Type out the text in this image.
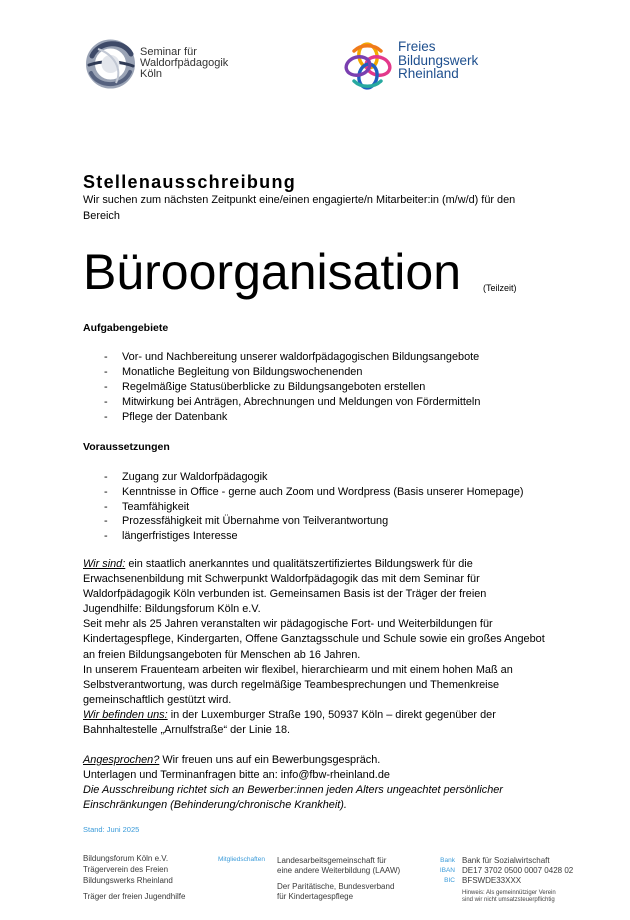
Seminar für
Waldorfpädagogik
Köln
Freies
Bildungswerk
Rheinland
Stellenausschreibung
Wir suchen zum nächsten Zeitpunkt eine/einen engagierte/n Mitarbeiter:in (m/w/d) für den
Bereich
Büroorganisation (Teilzeit)
Aufgabengebiete
- Vor- und Nachbereitung unserer waldorfpädagogischen Bildungsangebote
- Monatliche Begleitung von Bildungswochenenden
- Regelmäßige Statusüberblicke zu Bildungsangeboten erstellen
- Mitwirkung bei Anträgen, Abrechnungen und Meldungen von Fördermitteln
- Pflege der Datenbank
Voraussetzungen
- Zugang zur Waldorfpädagogik
- Kenntnisse in Office - gerne auch Zoom und Wordpress (Basis unserer Homepage)
- Teamfähigkeit
- Prozessfähigkeit mit Übernahme von Teilverantwortung
- längerfristiges Interesse
Wir sind: ein staatlich anerkanntes und qualitätszertifiziertes Bildungswerk für die
Erwachsenenbildung mit Schwerpunkt Waldorfpädagogik das mit dem Seminar für
Waldorfpädagogik Köln verbunden ist. Gemeinsamen Basis ist der Träger der freien
Jugendhilfe: Bildungsforum Köln e.V.
Seit mehr als 25 Jahren veranstalten wir pädagogische Fort- und Weiterbildungen für
Kindertagespflege, Kindergarten, Offene Ganztagsschule und Schule sowie ein großes Angebot
an freien Bildungsangeboten für Menschen ab 16 Jahren.
In unserem Frauenteam arbeiten wir flexibel, hierarchiearm und mit einem hohen Maß an
Selbstverantwortung, was durch regelmäßige Teambesprechungen und Themenkreise
gemeinschaftlich gestützt wird.
Wir befinden uns: in der Luxemburger Straße 190, 50937 Köln – direkt gegenüber der
Bahnhaltestelle „Arnulfstraße“ der Linie 18.
Angesprochen? Wir freuen uns auf ein Bewerbungsgespräch.
Unterlagen und Terminanfragen bitte an: info@fbw-rheinland.de
Die Ausschreibung richtet sich an Bewerber:innen jeden Alters ungeachtet persönlicher
Einschränkungen (Behinderung/chronische Krankheit).
Stand: Juni 2025
Bildungsforum Köln e.V.
Trägerverein des Freien
Bildungswerks Rheinland
Träger der freien Jugendhilfe
Mitgliedschaften Landesarbeitsgemeinschaft für
eine andere Weiterbildung (LAAW)
Der Paritätische, Bundesverband
für Kindertagespflege
Bank Bank für Sozialwirtschaft
IBAN DE17 3702 0500 0007 0428 02
BIC BFSWDE33XXX
Hinweis: Als gemeinnütziger Verein
sind wir nicht umsatzsteuerpflichtig
